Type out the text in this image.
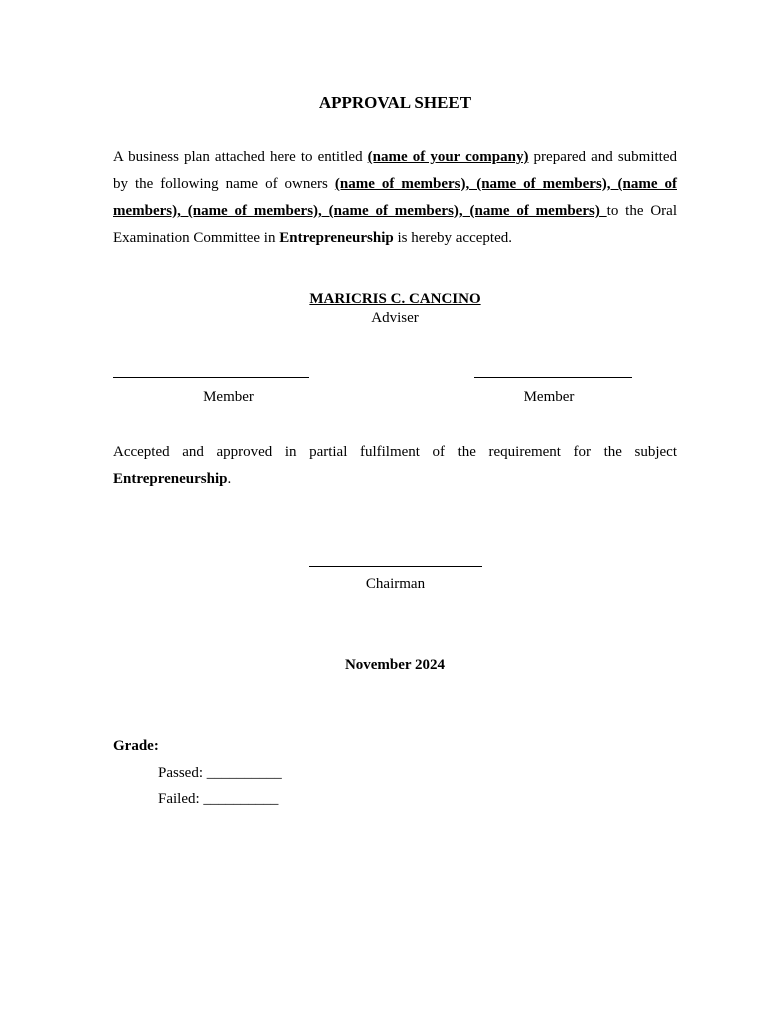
APPROVAL SHEET
A business plan attached here to entitled (name of your company) prepared and submitted by the following name of owners (name of members), (name of members), (name of members), (name of members), (name of members), (name of members) to the Oral Examination Committee in Entrepreneurship is hereby accepted.
MARICRIS C. CANCINO
Adviser
Member	Member
Accepted and approved in partial fulfilment of the requirement for the subject Entrepreneurship.
Chairman
November 2024
Grade:
Passed: __________
Failed: __________
